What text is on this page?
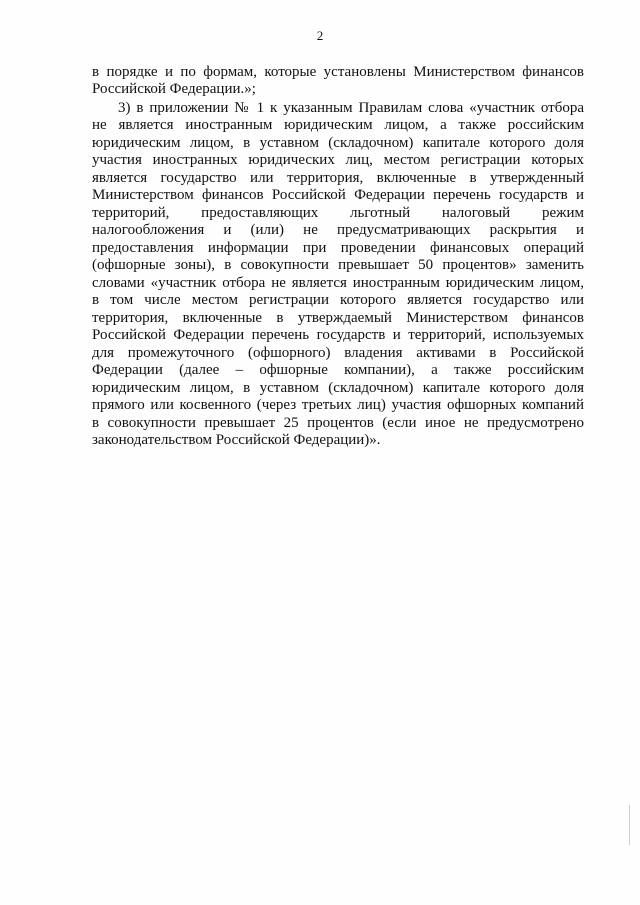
2
в порядке и по формам, которые установлены Министерством финансов
Российской Федерации.»;
3) в приложении № 1 к указанным Правилам слова «участник отбора
не является иностранным юридическим лицом, а также российским
юридическим лицом, в уставном (складочном) капитале которого доля
участия иностранных юридических лиц, местом регистрации которых
является государство или территория, включенные в утвержденный
Министерством финансов Российской Федерации перечень государств и
территорий, предоставляющих льготный налоговый режим
налогообложения и (или) не предусматривающих раскрытия и
предоставления информации при проведении финансовых операций
(офшорные зоны), в совокупности превышает 50 процентов» заменить
словами «участник отбора не является иностранным юридическим лицом,
в том числе местом регистрации которого является государство или
территория, включенные в утверждаемый Министерством финансов
Российской Федерации перечень государств и территорий, используемых
для промежуточного (офшорного) владения активами в Российской
Федерации (далее – офшорные компании), а также российским
юридическим лицом, в уставном (складочном) капитале которого доля
прямого или косвенного (через третьих лиц) участия офшорных компаний
в совокупности превышает 25 процентов (если иное не предусмотрено
законодательством Российской Федерации)».
